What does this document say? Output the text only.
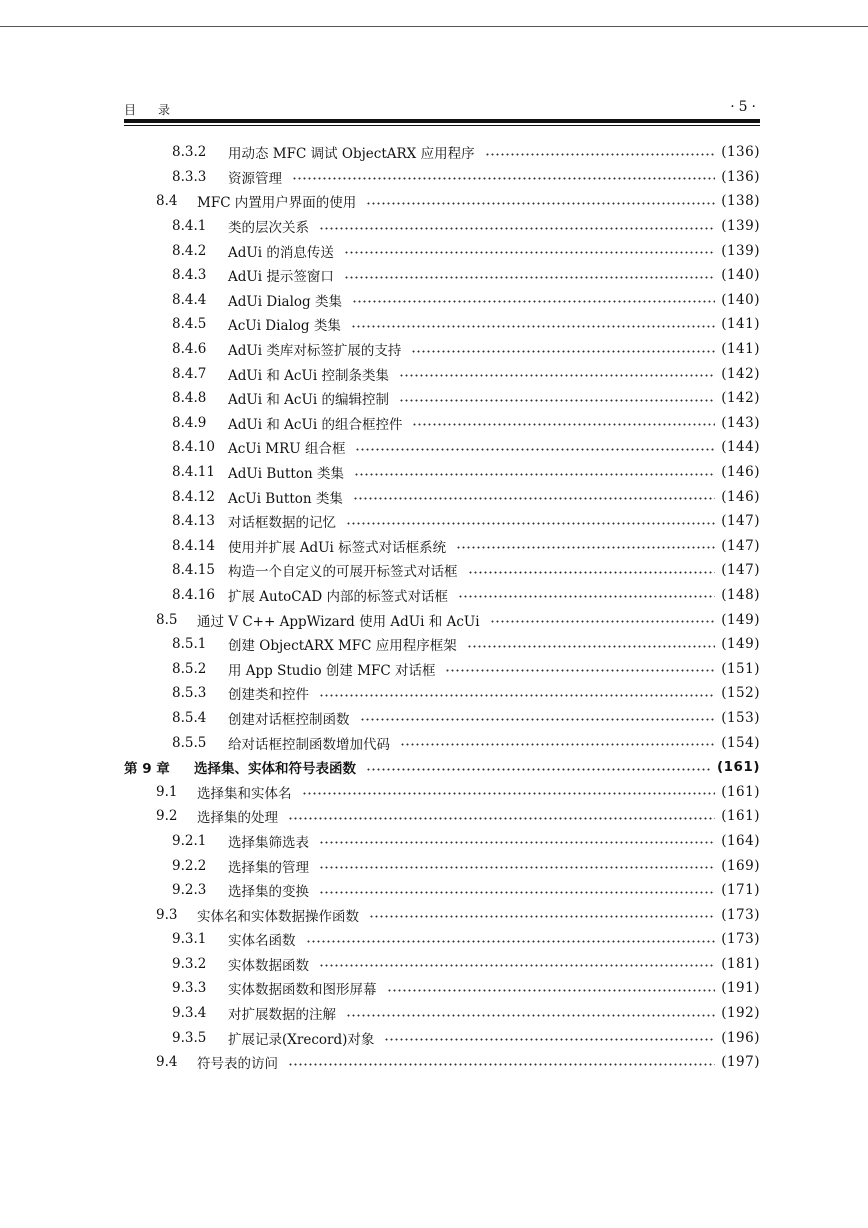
目录	·5·
8.3.2	用动态 MFC 调试 ObjectARX 应用程序	(136)
8.3.3	资源管理	(136)
8.4	MFC 内置用户界面的使用	(138)
8.4.1	类的层次关系	(139)
8.4.2	AdUi 的消息传送	(139)
8.4.3	AdUi 提示签窗口	(140)
8.4.4	AdUi Dialog 类集	(140)
8.4.5	AcUi Dialog 类集	(141)
8.4.6	AdUi 类库对标签扩展的支持	(141)
8.4.7	AdUi 和 AcUi 控制条类集	(142)
8.4.8	AdUi 和 AcUi 的编辑控制	(142)
8.4.9	AdUi 和 AcUi 的组合框控件	(143)
8.4.10 AcUi MRU 组合框	(144)
8.4.11 AdUi Button 类集	(146)
8.4.12 AcUi Button 类集	(146)
8.4.13 对话框数据的记忆	(147)
8.4.14 使用并扩展 AdUi 标签式对话框系统	(147)
8.4.15 构造一个自定义的可展开标签式对话框	(147)
8.4.16 扩展 AutoCAD 内部的标签式对话框	(148)
8.5	通过 V C++ AppWizard 使用 AdUi 和 AcUi	(149)
8.5.1	创建 ObjectARX MFC 应用程序框架	(149)
8.5.2	用 App Studio 创建 MFC 对话框	(151)
8.5.3	创建类和控件	(152)
8.5.4	创建对话框控制函数	(153)
8.5.5	给对话框控制函数增加代码	(154)
第 9 章	选择集、实体和符号表函数	(161)
9.1	选择集和实体名	(161)
9.2	选择集的处理	(161)
9.2.1	选择集筛选表	(164)
9.2.2	选择集的管理	(169)
9.2.3	选择集的变换	(171)
9.3	实体名和实体数据操作函数	(173)
9.3.1	实体名函数	(173)
9.3.2	实体数据函数	(181)
9.3.3	实体数据函数和图形屏幕	(191)
9.3.4	对扩展数据的注解	(192)
9.3.5	扩展记录(Xrecord)对象	(196)
9.4	符号表的访问	(197)
